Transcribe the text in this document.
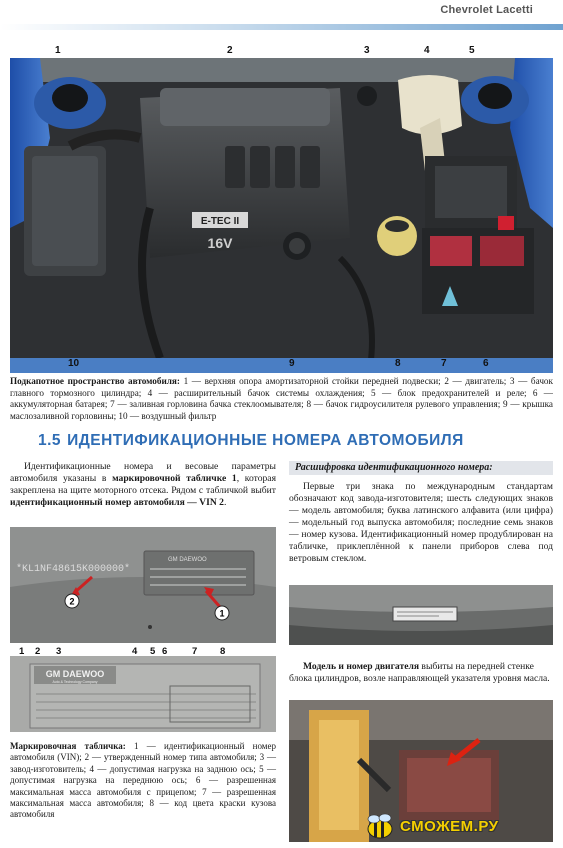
Chevrolet Lacetti
E-TEC II
16V
1	2	3	4	5
10	9	8	7	6
Подкапотное пространство автомобиля: 1 — верхняя опора амортизаторной стойки передней подвески; 2 — двигатель; 3 — бачок главного тормозного цилиндра; 4 — расширительный бачок системы охлаждения; 5 — блок предохранителей и реле; 6 — аккумуляторная батарея; 7 — заливная горловина бачка стеклоомывателя; 8 — бачок гидроусилителя рулевого управления; 9 — крышка маслозаливной горловины; 10 — воздушный фильтр
1.5 ИДЕНТИФИКАЦИОННЫЕ НОМЕРА АВТОМОБИЛЯ

Идентификационные номера и весовые параметры автомобиля указаны в маркировочной табличке 1, которая закреплена на щите моторного отсека. Рядом с табличкой выбит идентификационный номер автомобиля — VIN 2.

GM DAEWOO
*KL1NF48615K000000*
2
1
Расшифровка идентификационного номера:

Первые три знака по международным стандартам обозначают код завода-изготовителя; шесть следующих знаков — модель автомобиля; буква латинского алфавита (или цифра) — модельный год выпуска автомобиля; последние семь знаков — номер кузова. Идентификационный номер продублирован на табличке, приклеплённой к панели приборов слева под ветровым стеклом.

GM DAEWOO
Auto & Technology Company
1 2 3	4 5 6	7 8
Маркировочная табличка: 1 — идентификационный номер автомобиля (VIN); 2 — утвержденный номер типа автомобиля; 3 — завод-изготовитель; 4 — допустимая нагрузка на заднюю ось; 5 — допустимая нагрузка на переднюю ось; 6 — разрешенная максимальная масса автомобиля с прицепом; 7 — разрешенная максимальная масса автомобиля; 8 — код цвета краски кузова автомобиля

Модель и номер двигателя выбиты на передней стенке блока цилиндров, возле направляющей указателя уровня масла.

СМОЖЕМ.РУ
